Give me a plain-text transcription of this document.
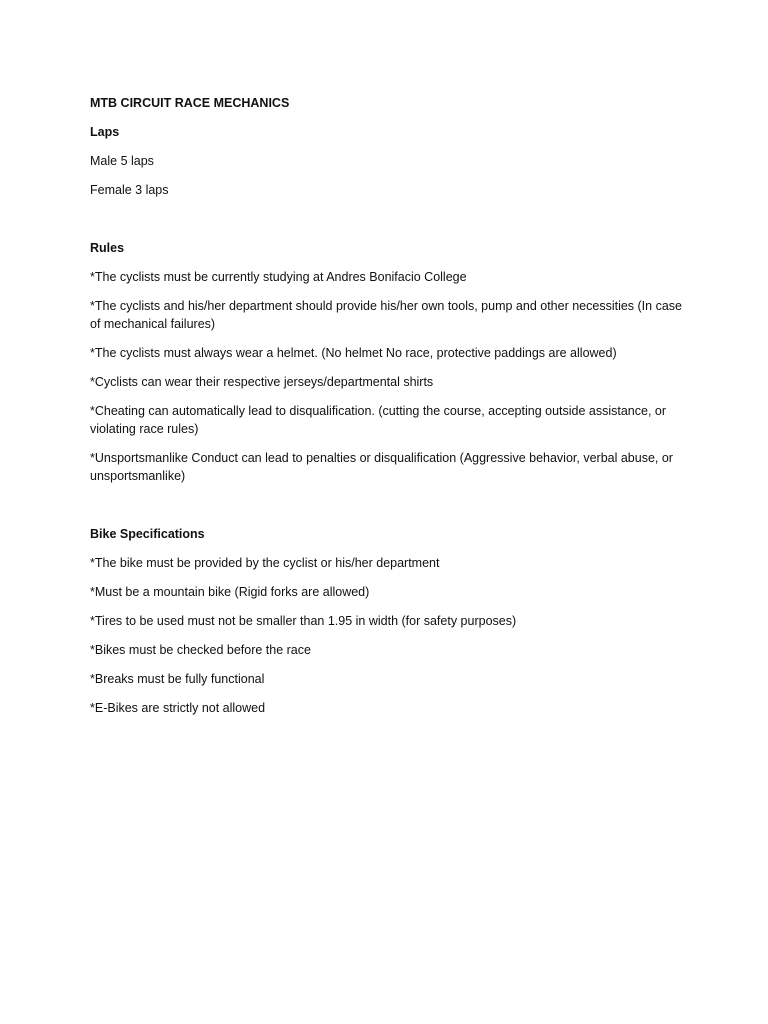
MTB CIRCUIT RACE MECHANICS

Laps

Male 5 laps

Female 3 laps

Rules

*The cyclists must be currently studying at Andres Bonifacio College

*The cyclists and his/her department should provide his/her own tools, pump and other necessities (In case of mechanical failures)

*The cyclists must always wear a helmet. (No helmet No race, protective paddings are allowed)

*Cyclists can wear their respective jerseys/departmental shirts

*Cheating can automatically lead to disqualification. (cutting the course, accepting outside assistance, or violating race rules)

*Unsportsmanlike Conduct can lead to penalties or disqualification (Aggressive behavior, verbal abuse, or unsportsmanlike)

Bike Specifications

*The bike must be provided by the cyclist or his/her department

*Must be a mountain bike (Rigid forks are allowed)

*Tires to be used must not be smaller than 1.95 in width (for safety purposes)

*Bikes must be checked before the race

*Breaks must be fully functional

*E-Bikes are strictly not allowed
